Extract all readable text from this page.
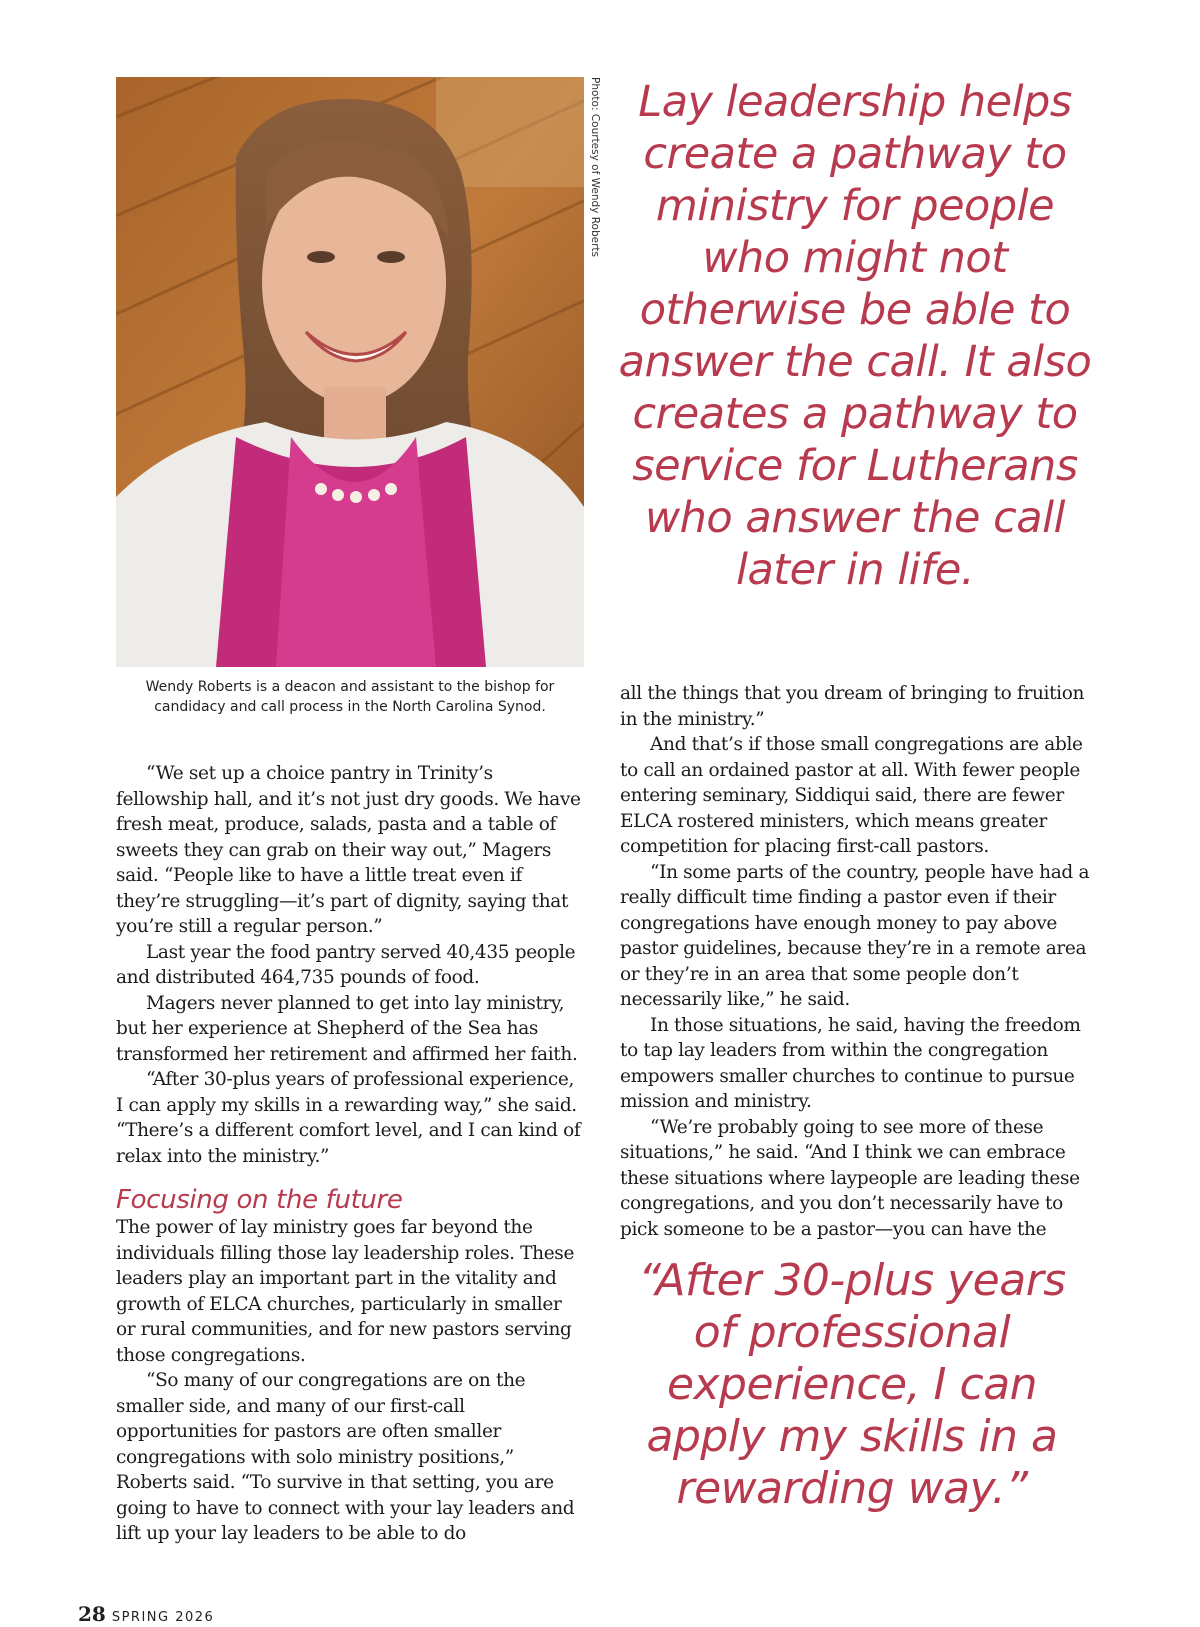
Photo: Courtesy of Wendy Roberts
Wendy Roberts is a deacon and assistant to the bishop for candidacy and call process in the North Carolina Synod.
Lay leadership helps create a pathway to ministry for people who might not otherwise be able to answer the call. It also creates a pathway to service for Lutherans who answer the call later in life.

“We set up a choice pantry in Trinity’s fellowship hall, and it’s not just dry goods. We have fresh meat, produce, salads, pasta and a table of sweets they can grab on their way out,” Magers said. “People like to have a little treat even if they’re struggling—it’s part of dignity, saying that you’re still a regular person.”

Last year the food pantry served 40,435 people and distributed 464,735 pounds of food.

Magers never planned to get into lay ministry, but her experience at Shepherd of the Sea has transformed her retirement and affirmed her faith.

“After 30-plus years of professional experience, I can apply my skills in a rewarding way,” she said. “There’s a different comfort level, and I can kind of relax into the ministry.”

Focusing on the future

The power of lay ministry goes far beyond the individuals filling those lay leadership roles. These leaders play an important part in the vitality and growth of ELCA churches, particularly in smaller or rural communities, and for new pastors serving those congregations.

“So many of our congregations are on the smaller side, and many of our first-call opportunities for pastors are often smaller congregations with solo ministry positions,” Roberts said. “To survive in that setting, you are going to have to connect with your lay leaders and lift up your lay leaders to be able to do

all the things that you dream of bringing to fruition in the ministry.”

And that’s if those small congregations are able to call an ordained pastor at all. With fewer people entering seminary, Siddiqui said, there are fewer ELCA rostered ministers, which means greater competition for placing first-call pastors.

“In some parts of the country, people have had a really difficult time finding a pastor even if their congregations have enough money to pay above pastor guidelines, because they’re in a remote area or they’re in an area that some people don’t necessarily like,” he said.

In those situations, he said, having the freedom to tap lay leaders from within the congregation empowers smaller churches to continue to pursue mission and ministry.

“We’re probably going to see more of these situations,” he said. “And I think we can embrace these situations where laypeople are leading these congregations, and you don’t necessarily have to pick someone to be a pastor—you can have the

“After 30-plus years of professional experience, I can apply my skills in a rewarding way.”
28 SPRING 2026
